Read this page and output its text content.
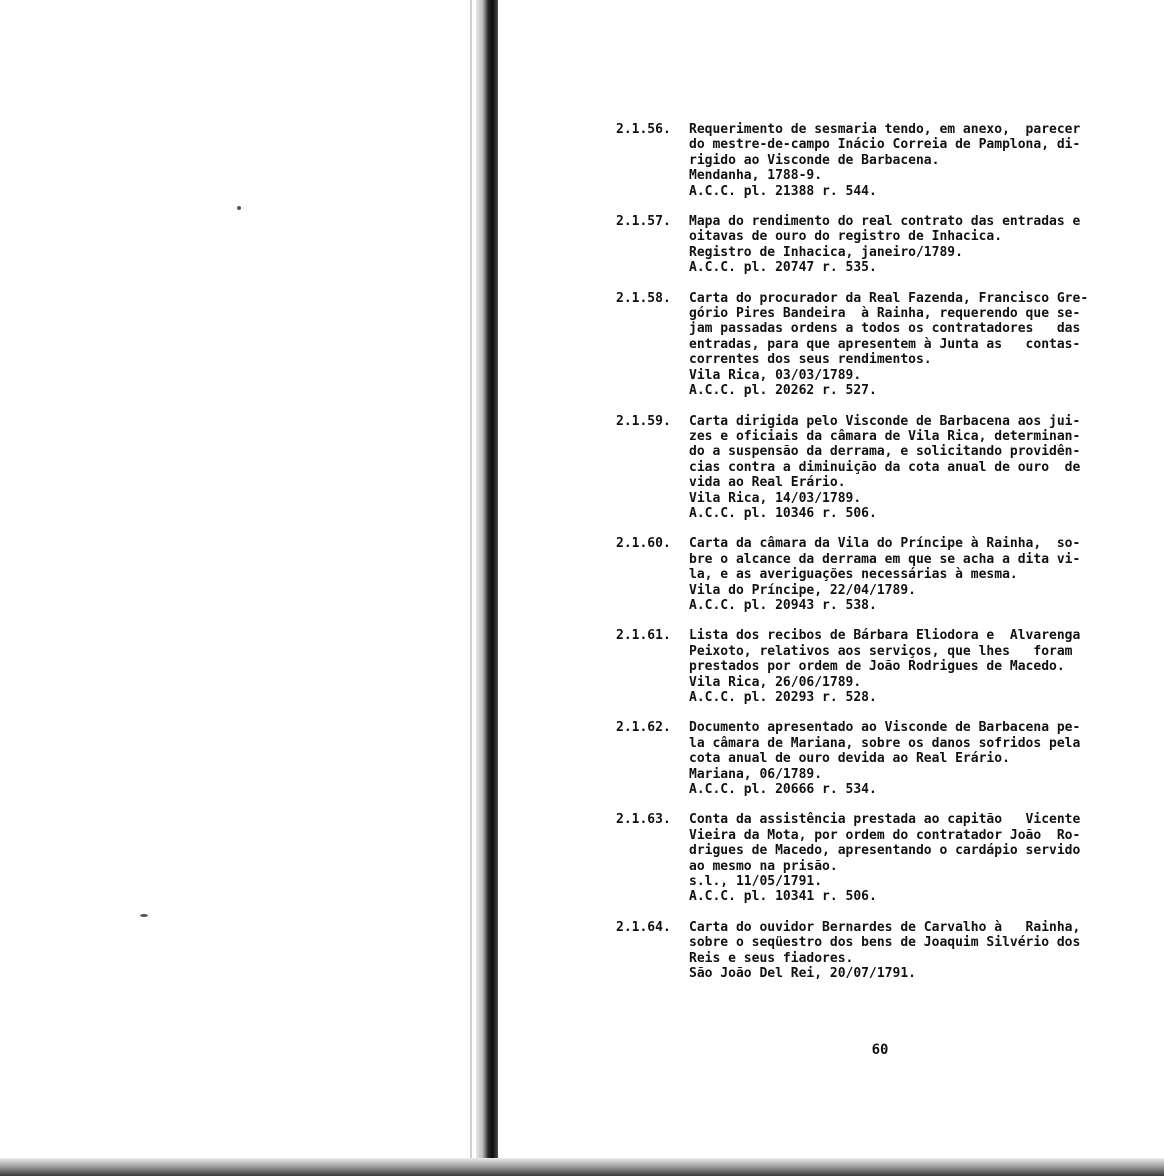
2.1.56.	Requerimento de sesmaria tendo, em anexo,  parecer
do mestre-de-campo Inácio Correia de Pamplona, di-
rigido ao Visconde de Barbacena.
Mendanha, 1788-9.
A.C.C. pl. 21388 r. 544.
2.1.57.	Mapa do rendimento do real contrato das entradas e
oitavas de ouro do registro de Inhacica.
Registro de Inhacica, janeiro/1789.
A.C.C. pl. 20747 r. 535.
2.1.58.	Carta do procurador da Real Fazenda, Francisco Gre-
gório Pires Bandeira  à Rainha, requerendo que se-
jam passadas ordens a todos os contratadores   das
entradas, para que apresentem à Junta as   contas-
correntes dos seus rendimentos.
Vila Rica, 03/03/1789.
A.C.C. pl. 20262 r. 527.
2.1.59.	Carta dirigida pelo Visconde de Barbacena aos jui-
zes e oficiais da câmara de Vila Rica, determinan-
do a suspensão da derrama, e solicitando providên-
cias contra a diminuição da cota anual de ouro  de
vida ao Real Erário.
Vila Rica, 14/03/1789.
A.C.C. pl. 10346 r. 506.
2.1.60.	Carta da câmara da Vila do Príncipe à Rainha,  so-
bre o alcance da derrama em que se acha a dita vi-
la, e as averiguações necessárias à mesma.
Vila do Príncipe, 22/04/1789.
A.C.C. pl. 20943 r. 538.
2.1.61.	Lista dos recibos de Bárbara Eliodora e  Alvarenga
Peixoto, relativos aos serviços, que lhes   foram
prestados por ordem de João Rodrigues de Macedo.
Vila Rica, 26/06/1789.
A.C.C. pl. 20293 r. 528.
2.1.62.	Documento apresentado ao Visconde de Barbacena pe-
la câmara de Mariana, sobre os danos sofridos pela
cota anual de ouro devida ao Real Erário.
Mariana, 06/1789.
A.C.C. pl. 20666 r. 534.
2.1.63.	Conta da assistência prestada ao capitão   Vicente
Vieira da Mota, por ordem do contratador João  Ro-
drigues de Macedo, apresentando o cardápio servido
ao mesmo na prisão.
s.l., 11/05/1791.
A.C.C. pl. 10341 r. 506.
2.1.64.	Carta do ouvidor Bernardes de Carvalho à   Rainha,
sobre o seqüestro dos bens de Joaquim Silvério dos
Reis e seus fiadores.
São João Del Rei, 20/07/1791.
60
